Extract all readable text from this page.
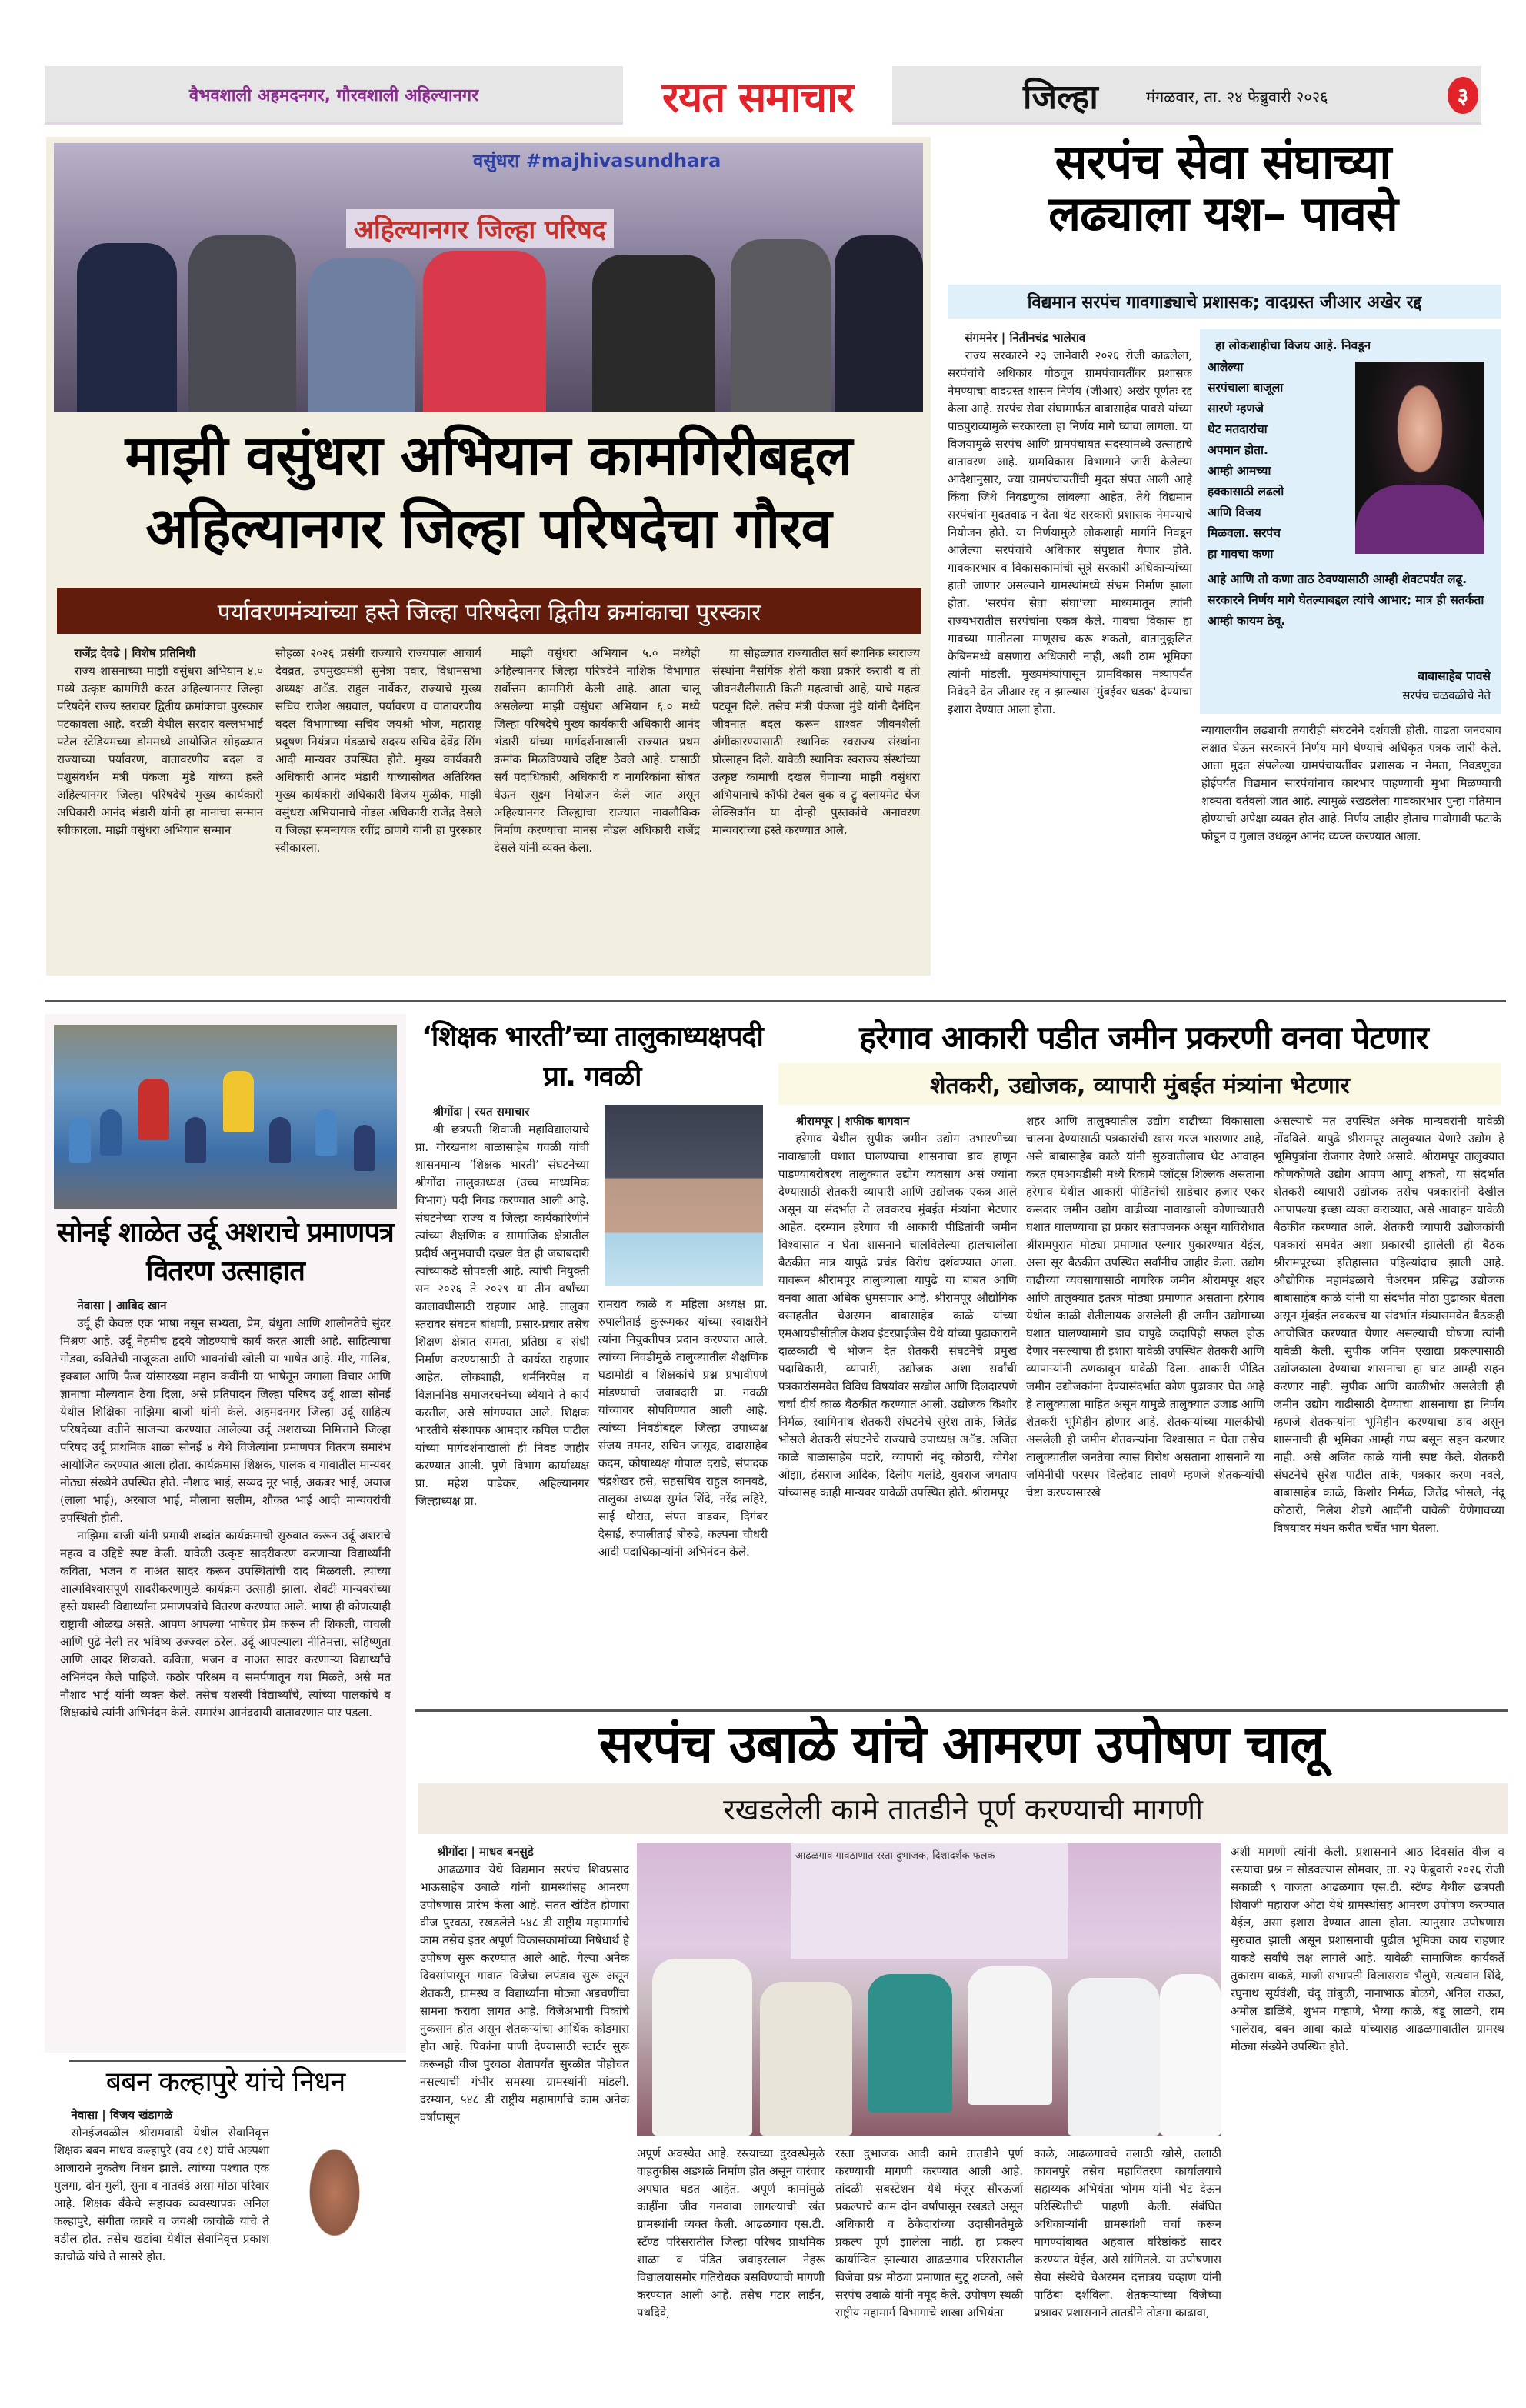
वैभवशाली अहमदनगर, गौरवशाली अहिल्यानगर	रयत समाचार	जिल्हा	मंगळवार, ता. २४ फेब्रुवारी २०२६	३
वसुंधरा #majhivasundhara
अहिल्यानगर जिल्हा परिषद
माझी वसुंधरा अभियान कामगिरीबद्दल
अहिल्यानगर जिल्हा परिषदेचा गौरव
पर्यावरणमंत्र्यांच्या हस्ते जिल्हा परिषदेला द्वितीय क्रमांकाचा पुरस्कार
राजेंद्र देवढे | विशेष प्रतिनिधी

राज्य शासनाच्या माझी वसुंधरा अभियान ४.० मध्ये उत्कृष्ट कामगिरी करत अहिल्यानगर जिल्हा परिषदेने राज्य स्तरावर द्वितीय क्रमांकाचा पुरस्कार पटकावला आहे. वरळी येथील सरदार वल्लभभाई पटेल स्टेडियमच्या डोममध्ये आयोजित सोहळ्यात राज्याच्या पर्यावरण, वातावरणीय बदल व पशुसंवर्धन मंत्री पंकजा मुंडे यांच्या हस्ते अहिल्यानगर जिल्हा परिषदेचे मुख्य कार्यकारी अधिकारी आनंद भंडारी यांनी हा मानाचा सन्मान स्वीकारला. माझी वसुंधरा अभियान सन्मान

सोहळा २०२६ प्रसंगी राज्याचे राज्यपाल आचार्य देवव्रत, उपमुख्यमंत्री सुनेत्रा पवार, विधानसभा अध्यक्ष अॅड. राहुल नार्वेकर, राज्याचे मुख्य सचिव राजेश अग्रवाल, पर्यावरण व वातावरणीय बदल विभागाच्या सचिव जयश्री भोज, महाराष्ट्र प्रदूषण नियंत्रण मंडळाचे सदस्य सचिव देवेंद्र सिंग आदी मान्यवर उपस्थित होते. मुख्य कार्यकारी अधिकारी आनंद भंडारी यांच्यासोबत अतिरिक्त मुख्य कार्यकारी अधिकारी विजय मुळीक, माझी वसुंधरा अभियानाचे नोडल अधिकारी राजेंद्र देसले व जिल्हा समन्वयक रवींद्र ठाणगे यांनी हा पुरस्कार स्वीकारला.

माझी वसुंधरा अभियान ५.० मध्येही अहिल्यानगर जिल्हा परिषदेने नाशिक विभागात सर्वोत्तम कामगिरी केली आहे. आता चालू असलेल्या माझी वसुंधरा अभियान ६.० मध्ये जिल्हा परिषदेचे मुख्य कार्यकारी अधिकारी आनंद भंडारी यांच्या मार्गदर्शनाखाली राज्यात प्रथम क्रमांक मिळविण्याचे उद्दिष्ट ठेवले आहे. यासाठी सर्व पदाधिकारी, अधिकारी व नागरिकांना सोबत घेऊन सूक्ष्म नियोजन केले जात असून अहिल्यानगर जिल्ह्याचा राज्यात नावलौकिक निर्माण करण्याचा मानस नोडल अधिकारी राजेंद्र देसले यांनी व्यक्त केला.

या सोहळ्यात राज्यातील सर्व स्थानिक स्वराज्य संस्थांना नैसर्गिक शेती कशा प्रकारे करावी व ती जीवनशैलीसाठी किती महत्वाची आहे, याचे महत्व पटवून दिले. तसेच मंत्री पंकजा मुंडे यांनी दैनंदिन जीवनात बदल करून शाश्वत जीवनशैली अंगीकारण्यासाठी स्थानिक स्वराज्य संस्थांना प्रोत्साहन दिले. यावेळी स्थानिक स्वराज्य संस्थांच्या उत्कृष्ट कामाची दखल घेणाऱ्या माझी वसुंधरा अभियानाचे कॉफी टेबल बुक व ट्रू क्लायमेट चेंज लेक्सिकॉन या दोन्ही पुस्तकांचे अनावरण मान्यवरांच्या हस्ते करण्यात आले.

सरपंच सेवा संघाच्या
लढ्याला यश– पावसे
विद्यमान सरपंच गावगाड्याचे प्रशासक; वादग्रस्त जीआर अखेर रद्द
संगमनेर | नितीनचंद्र भालेराव

राज्य सरकारने २३ जानेवारी २०२६ रोजी काढलेला, सरपंचांचे अधिकार गोठवून ग्रामपंचायतींवर प्रशासक नेमण्याचा वादग्रस्त शासन निर्णय (जीआर) अखेर पूर्णतः रद्द केला आहे. सरपंच सेवा संघामार्फत बाबासाहेब पावसे यांच्या पाठपुराव्यामुळे सरकारला हा निर्णय मागे घ्यावा लागला. या विजयामुळे सरपंच आणि ग्रामपंचायत सदस्यांमध्ये उत्साहाचे वातावरण आहे. ग्रामविकास विभागाने जारी केलेल्या आदेशानुसार, ज्या ग्रामपंचायतींची मुदत संपत आली आहे किंवा जिथे निवडणुका लांबल्या आहेत, तेथे विद्यमान सरपंचांना मुदतवाढ न देता थेट सरकारी प्रशासक नेमण्याचे नियोजन होते. या निर्णयामुळे लोकशाही मार्गाने निवडून आलेल्या सरपंचांचे अधिकार संपुष्टात येणार होते. गावकारभार व विकासकामांची सूत्रे सरकारी अधिकाऱ्यांच्या हाती जाणार असल्याने ग्रामस्थांमध्ये संभ्रम निर्माण झाला होता. 'सरपंच सेवा संघा'च्या माध्यमातून त्यांनी राज्यभरातील सरपंचांना एकत्र केले. गावचा विकास हा गावच्या मातीतला माणूसच करू शकतो, वातानुकूलित केबिनमध्ये बसणारा अधिकारी नाही, अशी ठाम भूमिका त्यांनी मांडली. मुख्यमंत्र्यांपासून ग्रामविकास मंत्र्यांपर्यंत निवेदने देत जीआर रद्द न झाल्यास 'मुंबईवर धडक' देण्याचा इशारा देण्यात आला होता.

हा लोकशाहीचा विजय आहे. निवडून
आलेल्या
सरपंचाला बाजूला
सारणे म्हणजे
थेट मतदारांचा
अपमान होता.
आम्ही आमच्या
हक्कासाठी लढलो
आणि विजय
मिळवला. सरपंच
हा गावचा कणा
आहे आणि तो कणा ताठ ठेवण्यासाठी आम्ही शेवटपर्यंत लढू. सरकारने निर्णय मागे घेतल्याबद्दल त्यांचे आभार; मात्र ही सतर्कता आम्ही कायम ठेवू.
बाबासाहेब पावसे
सरपंच चळवळीचे नेते

न्यायालयीन लढ्याची तयारीही संघटनेने दर्शवली होती. वाढता जनदबाव लक्षात घेऊन सरकारने निर्णय मागे घेण्याचे अधिकृत पत्रक जारी केले. आता मुदत संपलेल्या ग्रामपंचायतींवर प्रशासक न नेमता, निवडणुका होईपर्यंत विद्यमान सारपंचांनाच कारभार पाहण्याची मुभा मिळण्याची शक्यता वर्तवली जात आहे. त्यामुळे रखडलेला गावकारभार पुन्हा गतिमान होण्याची अपेक्षा व्यक्त होत आहे. निर्णय जाहीर होताच गावोगावी फटाके फोडून व गुलाल उधळून आनंद व्यक्त करण्यात आला.

सोनई शाळेत उर्दू अशराचे प्रमाणपत्र वितरण उत्साहात
नेवासा | आबिद खान

उर्दू ही केवळ एक भाषा नसून सभ्यता, प्रेम, बंधुता आणि शालीनतेचे सुंदर मिश्रण आहे. उर्दू नेहमीच हृदये जोडण्याचे कार्य करत आली आहे. साहित्याचा गोडवा, कवितेची नाजूकता आणि भावनांची खोली या भाषेत आहे. मीर, गालिब, इक्बाल आणि फैज यांसारख्या महान कवींनी या भाषेतून जगाला विचार आणि ज्ञानाचा मौल्यवान ठेवा दिला, असे प्रतिपादन जिल्हा परिषद उर्दू शाळा सोनई येथील शिक्षिका नाझिमा बाजी यांनी केले. अहमदनगर जिल्हा उर्दू साहित्य परिषदेच्या वतीने साजऱ्या करण्यात आलेल्या उर्दू अशराच्या निमित्ताने जिल्हा परिषद उर्दू प्राथमिक शाळा सोनई ४ येथे विजेत्यांना प्रमाणपत्र वितरण समारंभ आयोजित करण्यात आला होता. कार्यक्रमास शिक्षक, पालक व गावातील मान्यवर मोठ्या संख्येने उपस्थित होते. नौशाद भाई, सय्यद नूर भाई, अकबर भाई, अयाज (लाला भाई), अरबाज भाई, मौलाना सलीम, शौकत भाई आदी मान्यवरांची उपस्थिती होती.

नाझिमा बाजी यांनी प्रमायी शब्दांत कार्यक्रमाची सुरुवात करून उर्दू अशराचे महत्व व उद्दिष्टे स्पष्ट केली. यावेळी उत्कृष्ट सादरीकरण करणाऱ्या विद्यार्थ्यांनी कविता, भजन व नाअत सादर करून उपस्थितांची दाद मिळवली. त्यांच्या आत्मविश्वासपूर्ण सादरीकरणामुळे कार्यक्रम उत्साही झाला. शेवटी मान्यवरांच्या हस्ते यशस्वी विद्यार्थ्यांना प्रमाणपत्रांचे वितरण करण्यात आले. भाषा ही कोणत्याही राष्ट्राची ओळख असते. आपण आपल्या भाषेवर प्रेम करून ती शिकली, वाचली आणि पुढे नेली तर भविष्य उज्ज्वल ठरेल. उर्दू आपल्याला नीतिमत्ता, सहिष्णुता आणि आदर शिकवते. कविता, भजन व नाअत सादर करणाऱ्या विद्यार्थ्यांचे अभिनंदन केले पाहिजे. कठोर परिश्रम व समर्पणातून यश मिळते, असे मत नौशाद भाई यांनी व्यक्त केले. तसेच यशस्वी विद्यार्थ्यांचे, त्यांच्या पालकांचे व शिक्षकांचे त्यांनी अभिनंदन केले. समारंभ आनंददायी वातावरणात पार पडला.

‘शिक्षक भारती’च्या तालुकाध्यक्षपदी प्रा. गवळी
श्रीगोंदा | रयत समाचार

श्री छत्रपती शिवाजी महाविद्यालयाचे प्रा. गोरखनाथ बाळासाहेब गवळी यांची शासनमान्य ‘शिक्षक भारती’ संघटनेच्या श्रीगोंदा तालुकाध्यक्ष (उच्च माध्यमिक विभाग) पदी निवड करण्यात आली आहे. संघटनेच्या राज्य व जिल्हा कार्यकारिणीने त्यांच्या शैक्षणिक व सामाजिक क्षेत्रातील प्रदीर्घ अनुभवाची दखल घेत ही जबाबदारी त्यांच्याकडे सोपवली आहे. त्यांची नियुक्ती सन २०२६ ते २०२९ या तीन वर्षांच्या कालावधीसाठी राहणार आहे. तालुका स्तरावर संघटन बांधणी, प्रसार-प्रचार तसेच शिक्षण क्षेत्रात समता, प्रतिष्ठा व संधी निर्माण करण्यासाठी ते कार्यरत राहणार आहेत. लोकशाही, धर्मनिरपेक्ष व विज्ञाननिष्ठ समाजरचनेच्या ध्येयाने ते कार्य करतील, असे सांगण्यात आले. शिक्षक भारतीचे संस्थापक आमदार कपिल पाटील यांच्या मार्गदर्शनाखाली ही निवड जाहीर करण्यात आली. पुणे विभाग कार्याध्यक्ष प्रा. महेश पाडेकर, अहिल्यानगर जिल्हाध्यक्ष प्रा.

रामराव काळे व महिला अध्यक्ष प्रा. रुपालीताई कुरूमकर यांच्या स्वाक्षरीने त्यांना नियुक्तीपत्र प्रदान करण्यात आले. त्यांच्या निवडीमुळे तालुक्यातील शैक्षणिक घडामोडी व शिक्षकांचे प्रश्न प्रभावीपणे मांडण्याची जबाबदारी प्रा. गवळी यांच्यावर सोपविण्यात आली आहे. त्यांच्या निवडीबद्दल जिल्हा उपाध्यक्ष संजय तमनर, सचिन जासूद, दादासाहेब कदम, कोषाध्यक्ष गोपाळ दराडे, संपादक चंद्रशेखर हसे, सहसचिव राहुल कानवडे, तालुका अध्यक्ष सुमंत शिंदे, नरेंद्र लहिरे, साई थोरात, संपत वाडकर, दिगंबर देसाई, रुपालीताई बोरुडे, कल्पना चौधरी आदी पदाधिकाऱ्यांनी अभिनंदन केले.

हरेगाव आकारी पडीत जमीन प्रकरणी वनवा पेटणार
शेतकरी, उद्योजक, व्यापारी मुंबईत मंत्र्यांना भेटणार
श्रीरामपूर | शफीक बागवान

हरेगाव येथील सुपीक जमीन उद्योग उभारणीच्या नावाखाली घशात घालण्याचा शासनाचा डाव हाणून पाडण्याबरोबरच तालुक्यात उद्योग व्यवसाय असं ज्यांना देण्यासाठी शेतकरी व्यापारी आणि उद्योजक एकत्र आले असून या संदर्भात ते लवकरच मुंबईत मंत्र्यांना भेटणार आहेत. दरम्यान हरेगाव ची आकारी पीडितांची जमीन विश्वासात न घेता शासनाने चालविलेल्या हालचालीला बैठकीत मात्र यापुढे प्रचंड विरोध दर्शवण्यात आला. यावरून श्रीरामपूर तालुक्याला यापुढे या बाबत आणि वनवा आता अधिक धुमसणार आहे. श्रीरामपूर औद्योगिक वसाहतीत चेअरमन बाबासाहेब काळे यांच्या एमआयडीसीतील केशव इंटरप्राईजेस येथे यांच्या पुढाकाराने दाळकाढी चे भोजन देत शेतकरी संघटनेचे प्रमुख पदाधिकारी, व्यापारी, उद्योजक अशा सर्वांची पत्रकारांसमवेत विविध विषयांवर सखोल आणि दिलदारपणे चर्चा दीर्घ काळ बैठकीत करण्यात आली. उद्योजक किशोर निर्मळ, स्वामिनाथ शेतकरी संघटनेचे सुरेश ताके, जितेंद्र भोसले शेतकरी संघटनेचे राज्याचे उपाध्यक्ष अॅड. अजित काळे बाळासाहेब पटारे, व्यापारी नंदू कोठारी, योगेश ओझा, हंसराज आदिक, दिलीप गलांडे, युवराज जगताप यांच्यासह काही मान्यवर यावेळी उपस्थित होते. श्रीरामपूर

शहर आणि तालुक्यातील उद्योग वाढीच्या विकासाला चालना देण्यासाठी पत्रकारांची खास गरज भासणार आहे, असे बाबासाहेब काळे यांनी सुरुवातीलाच थेट आवाहन करत एमआयडीसी मध्ये रिकामे प्लॉट्स शिल्लक असताना हरेगाव येथील आकारी पीडितांची साडेचार हजार एकर कसदार जमीन उद्योग वाढीच्या नावाखाली कोणाच्यातरी घशात घालण्याचा हा प्रकार संतापजनक असून याविरोधात श्रीरामपुरात मोठ्या प्रमाणात एल्गार पुकारण्यात येईल, असा सूर बैठकीत उपस्थित सर्वांनीच जाहीर केला. उद्योग वाढीच्या व्यवसायासाठी नागरिक जमीन श्रीरामपूर शहर आणि तालुक्यात इतरत्र मोठ्या प्रमाणात असताना हरेगाव येथील काळी शेतीलायक असलेली ही जमीन उद्योगाच्या घशात घालण्यामागे डाव यापुढे कदापिही सफल होऊ देणार नसल्याचा ही इशारा यावेळी उपस्थित शेतकरी आणि व्यापाऱ्यांनी ठणकावून यावेळी दिला. आकारी पीडित जमीन उद्योजकांना देण्यासंदर्भात कोण पुढाकार घेत आहे हे तालुक्याला माहित असून यामुळे तालुक्यात उजाड आणि शेतकरी भूमिहीन होणार आहे. शेतकऱ्यांच्या मालकीची असलेली ही जमीन शेतकऱ्यांना विश्वासात न घेता तसेच तालुक्यातील जनतेचा त्यास विरोध असताना शासनाने या जमिनीची परस्पर विल्हेवाट लावणे म्हणजे शेतकऱ्यांची चेष्टा करण्यासारखे

असल्याचे मत उपस्थित अनेक मान्यवरांनी यावेळी नोंदविले. यापुढे श्रीरामपूर तालुक्यात येणारे उद्योग हे भूमिपुत्रांना रोजगार देणारे असावे. श्रीरामपूर तालुक्यात कोणकोणते उद्योग आपण आणू शकतो, या संदर्भात शेतकरी व्यापारी उद्योजक तसेच पत्रकारांनी देखील आपापल्या इच्छा व्यक्त कराव्यात, असे आवाहन यावेळी बैठकीत करण्यात आले. शेतकरी व्यापारी उद्योजकांची पत्रकारां समवेत अशा प्रकारची झालेली ही बैठक श्रीरामपूरच्या इतिहासात पहिल्यांदाच झाली आहे. औद्योगिक महामंडळाचे चेअरमन प्रसिद्ध उद्योजक बाबासाहेब काळे यांनी या संदर्भात मोठा पुढाकार घेतला असून मुंबईत लवकरच या संदर्भात मंत्र्यासमवेत बैठकही आयोजित करण्यात येणार असल्याची घोषणा त्यांनी यावेळी केली. सुपीक जमिन एखाद्या प्रकल्पासाठी उद्योजकाला देण्याचा शासनाचा हा घाट आम्ही सहन करणार नाही. सुपीक आणि काळीभोर असलेली ही जमीन उद्योग वाढीसाठी देण्याचा शासनाचा हा निर्णय म्हणजे शेतकऱ्यांना भूमिहीन करण्याचा डाव असून शासनाची ही भूमिका आम्ही गप्प बसून सहन करणार नाही. असे अजित काळे यांनी स्पष्ट केले. शेतकरी संघटनेचे सुरेश पाटील ताके, पत्रकार करण नवले, बाबासाहेब काळे, किशोर निर्मळ, जितेंद्र भोसले, नंदू कोठारी, निलेश शेडगे आदींनी यावेळी येणेगावच्या विषयावर मंथन करीत चर्चेत भाग घेतला.

सरपंच उबाळे यांचे आमरण उपोषण चालू
रखडलेली कामे तातडीने पूर्ण करण्याची मागणी
श्रीगोंदा | माधव बनसुडे

आढळगाव येथे विद्यमान सरपंच शिवप्रसाद भाऊसाहेब उबाळे यांनी ग्रामस्थांसह आमरण उपोषणास प्रारंभ केला आहे. सतत खंडित होणारा वीज पुरवठा, रखडलेले ५४८ डी राष्ट्रीय महामार्गाचे काम तसेच इतर अपूर्ण विकासकामांच्या निषेधार्थ हे उपोषण सुरू करण्यात आले आहे. गेल्या अनेक दिवसांपासून गावात विजेचा लपंडाव सुरू असून शेतकरी, ग्रामस्थ व विद्यार्थ्यांना मोठ्या अडचणींचा सामना करावा लागत आहे. विजेअभावी पिकांचे नुकसान होत असून शेतकऱ्यांचा आर्थिक कोंडमारा होत आहे. पिकांना पाणी देण्यासाठी स्टार्टर सुरू करूनही वीज पुरवठा शेतापर्यंत सुरळीत पोहोचत नसल्याची गंभीर समस्या ग्रामस्थांनी मांडली. दरम्यान, ५४८ डी राष्ट्रीय महामार्गाचे काम अनेक वर्षांपासून

आढळगाव गावठाणात रस्ता दुभाजक, दिशादर्शक फलक

अपूर्ण अवस्थेत आहे. रस्त्याच्या दुरवस्थेमुळे वाहतुकीस अडथळे निर्माण होत असून वारंवार अपघात घडत आहेत. अपूर्ण कामांमुळे काहींना जीव गमवावा लागल्याची खंत ग्रामस्थांनी व्यक्त केली. आढळगाव एस.टी. स्टॅण्ड परिसरातील जिल्हा परिषद प्राथमिक शाळा व पंडित जवाहरलाल नेहरू विद्यालयासमोर गतिरोधक बसविण्याची मागणी करण्यात आली आहे. तसेच गटार लाईन, पथदिवे,

रस्ता दुभाजक आदी कामे तातडीने पूर्ण करण्याची मागणी करण्यात आली आहे. तांदळी सबस्टेशन येथे मंजूर सौरऊर्जा प्रकल्पाचे काम दोन वर्षांपासून रखडले असून अधिकारी व ठेकेदारांच्या उदासीनतेमुळे प्रकल्प पूर्ण झालेला नाही. हा प्रकल्प कार्यान्वित झाल्यास आढळगाव परिसरातील विजेचा प्रश्न मोठ्या प्रमाणात सुटू शकतो, असे सरपंच उबाळे यांनी नमूद केले. उपोषण स्थळी राष्ट्रीय महामार्ग विभागाचे शाखा अभियंता

काळे, आढळगावचे तलाठी खोसे, तलाठी कावनपुरे तसेच महावितरण कार्यालयाचे सहाय्यक अभियंता भोगम यांनी भेट देऊन परिस्थितीची पाहणी केली. संबंधित अधिकाऱ्यांनी ग्रामस्थांशी चर्चा करून मागण्यांबाबत अहवाल वरिष्ठांकडे सादर करण्यात येईल, असे सांगितले. या उपोषणास सेवा संस्थेचे चेअरमन दत्तात्रय चव्हाण यांनी पाठिंबा दर्शविला. शेतकऱ्यांच्या विजेच्या प्रश्नावर प्रशासनाने तातडीने तोडगा काढावा,

अशी मागणी त्यांनी केली. प्रशासनाने आठ दिवसांत वीज व रस्त्याचा प्रश्न न सोडवल्यास सोमवार, ता. २३ फेब्रुवारी २०२६ रोजी सकाळी ९ वाजता आढळगाव एस.टी. स्टॅण्ड येथील छत्रपती शिवाजी महाराज ओटा येथे ग्रामस्थांसह आमरण उपोषण करण्यात येईल, असा इशारा देण्यात आला होता. त्यानुसार उपोषणास सुरुवात झाली असून प्रशासनाची पुढील भूमिका काय राहणार याकडे सर्वांचे लक्ष लागले आहे. यावेळी सामाजिक कार्यकर्ते तुकाराम वाकडे, माजी सभापती विलासराव भैलुमे, सत्यवान शिंदे, रघुनाथ सूर्यवंशी, चंदू तांबुळी, नानाभाऊ बोळगे, अनिल राऊत, अमोल डाळिंबे, शुभम गव्हाणे, भैय्या काळे, बंडू लाळगे, राम भालेराव, बबन आबा काळे यांच्यासह आढळगावातील ग्रामस्थ मोठ्या संख्येने उपस्थित होते.

बबन कल्हापुरे यांचे निधन
नेवासा | विजय खंडागळे

सोनईजवळील श्रीरामवाडी येथील सेवानिवृत्त शिक्षक बबन माधव कल्हापुरे (वय ८१) यांचे अल्पशा आजाराने नुकतेच निधन झाले. त्यांच्या पश्चात एक मुलगा, दोन मुली, सुना व नातवंडे असा मोठा परिवार आहे. शिक्षक बँकेचे सहायक व्यवस्थापक अनिल कल्हापुरे, संगीता कावरे व जयश्री काचोळे यांचे ते वडील होत. तसेच खडांबा येथील सेवानिवृत्त प्रकाश काचोळे यांचे ते सासरे होत.
